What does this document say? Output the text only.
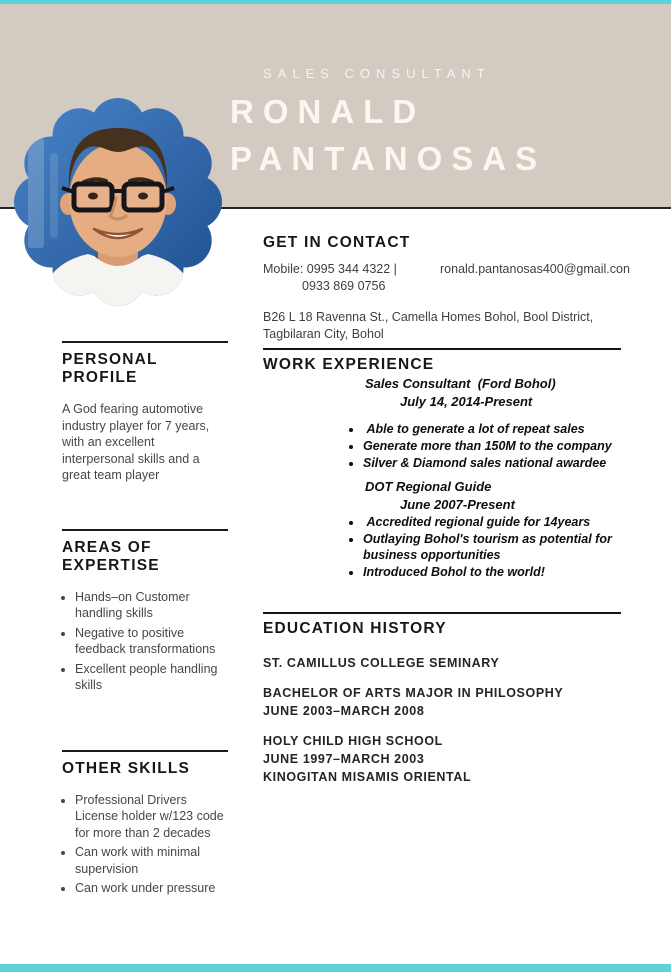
SALES CONSULTANT
RONALD
PANTANOSAS
GET IN CONTACT
Mobile: 0995 344 4322 |
0933 869 0756
ronald.pantanosas400@gmail.con
B26 L 18 Ravenna St., Camella Homes Bohol, Bool District, Tagbilaran City, Bohol
PERSONAL PROFILE

A God fearing automotive industry player for 7 years, with an excellent interpersonal skills and a  great team player

AREAS OF EXPERTISE
• Hands–on Customer handling skills
• Negative to positive feedback transformations
• Excellent people handling skills
OTHER SKILLS
• Professional Drivers License holder w/123 code for more than 2 decades
• Can work with minimal supervision
• Can work under pressure
WORK EXPERIENCE
Sales Consultant  (Ford Bohol)
July 14, 2014-Present
•  Able to generate a lot of repeat sales
• Generate more than 150M to the company
• Silver & Diamond sales national awardee
DOT Regional Guide
June 2007-Present
•  Accredited regional guide for 14years
• Outlaying Bohol's tourism as potential for business opportunities
• Introduced Bohol to the world!
EDUCATION HISTORY
ST. CAMILLUS COLLEGE SEMINARY
BACHELOR OF ARTS MAJOR IN PHILOSOPHY
JUNE 2003–MARCH 2008
HOLY CHILD HIGH SCHOOL
JUNE 1997–MARCH 2003
KINOGITAN MISAMIS ORIENTAL
